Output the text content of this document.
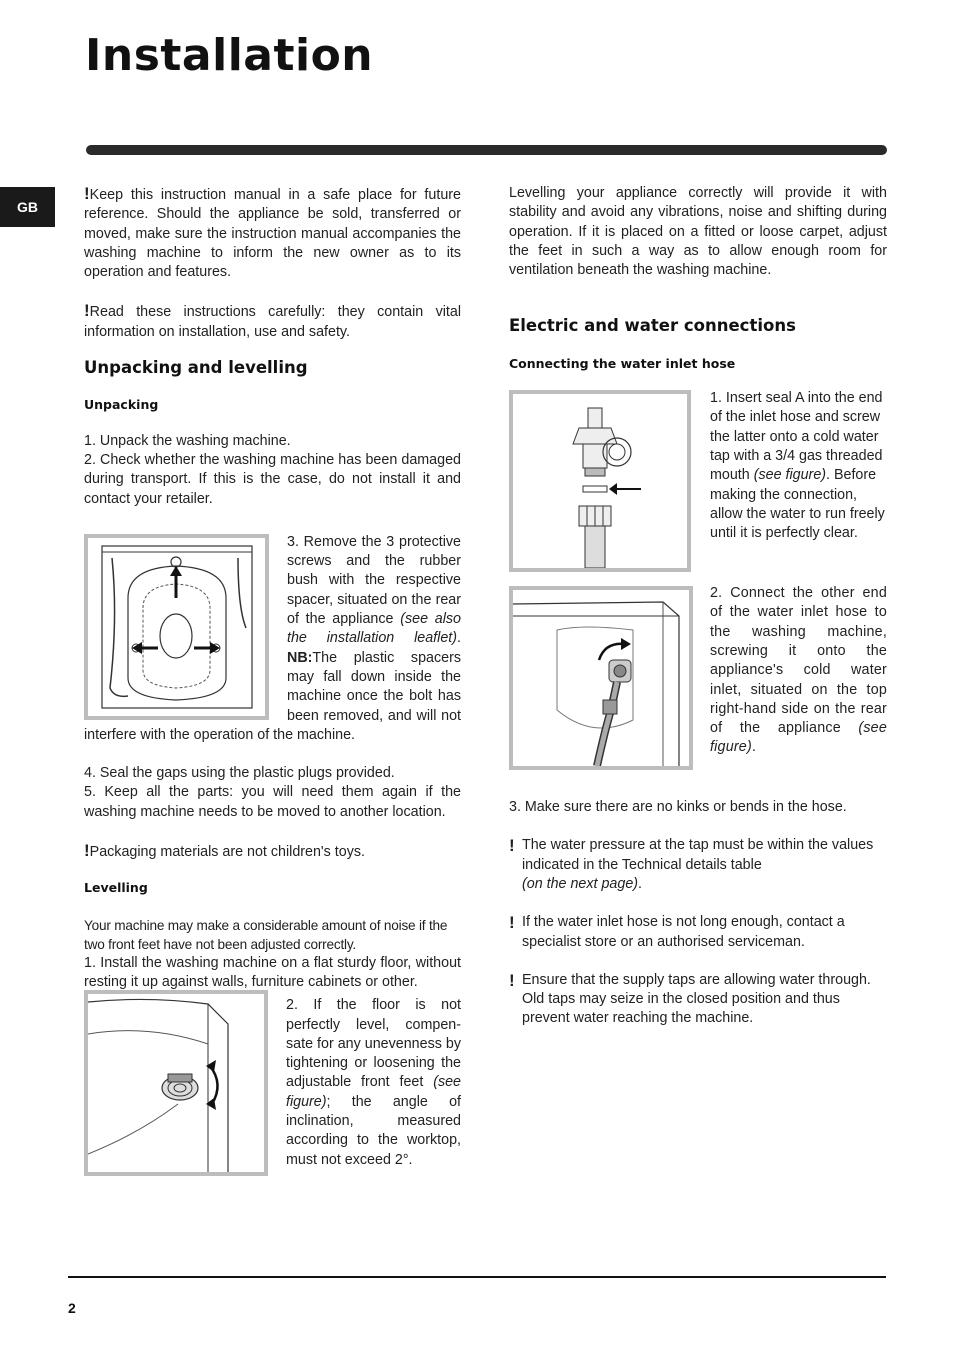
Installation
GB

!Keep this instruction manual in a safe place for future reference. Should the appliance be sold, transferred or moved, make sure the instruction manual accompanies the washing machine to inform the new owner as to its operation and features.

!Read these instructions carefully: they contain vital information on installation, use and safety.

Unpacking and levelling
Unpacking

1. Unpack the washing machine.

2. Check whether the washing machine has been damaged during transport. If this is the case, do not install it and contact your retailer.

3. Remove the 3 protective screws and the rubber bush with the respective spacer, situated on the rear of the appliance (see also the installation leaflet). NB:The plastic spacers may fall down inside the machine once the bolt has been removed, and will not interfere with the operation of the machine.

4. Seal the gaps using the plastic plugs provided.

5. Keep all the parts: you will need them again if the washing machine needs to be moved to another location.

!Packaging materials are not children's toys.

Levelling

Your machine may make a considerable amount of noise if the two front feet have not been adjusted correctly.

1. Install the washing machine on a flat sturdy floor, without resting it up against walls, furniture cabinets or other.

2. If the floor is not perfectly level, compen-sate for any unevenness by tightening or loosening the adjustable front feet (see figure); the angle of inclination, measured according to the worktop, must not exceed 2°.

Levelling your appliance correctly will provide it with stability and avoid any vibrations, noise and shifting during operation. If it is placed on a fitted or loose carpet, adjust the feet in such a way as to allow enough room for ventilation beneath the washing machine.

Electric and water connections
Connecting the water inlet hose

1. Insert seal A into the end of the inlet hose and screw the latter onto a cold water tap with a 3/4 gas threaded mouth (see figure). Before making the connection, allow the water to run freely until it is perfectly clear.

2. Connect the other end of the water inlet hose to the washing machine, screwing it onto the appliance's cold water inlet, situated on the top right-hand side on the rear of the appliance (see figure).

3. Make sure there are no kinks or bends in the hose.

! The water pressure at the tap must be within the values indicated in the Technical details table
(on the next page).

! If the water inlet hose is not long enough, contact a specialist store or an authorised serviceman.

! Ensure that the supply taps are allowing water through. Old taps may seize in the closed position and thus prevent water reaching the machine.

2
